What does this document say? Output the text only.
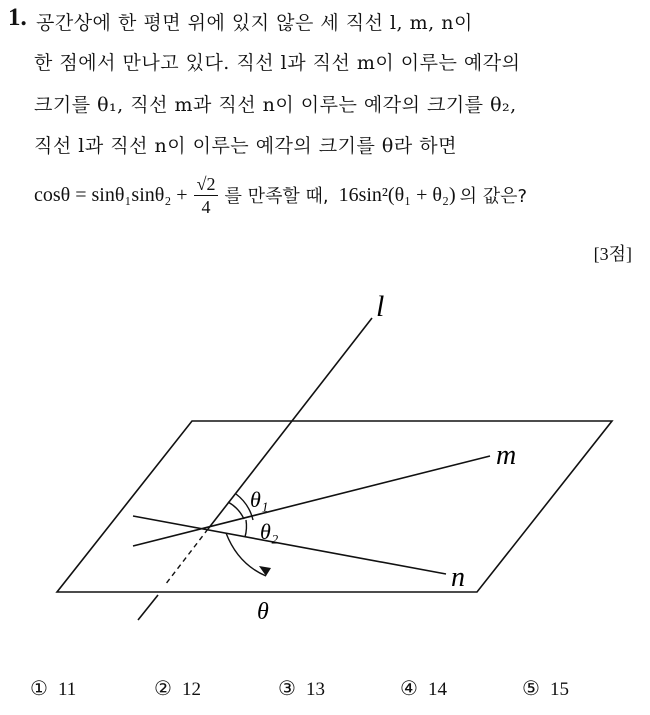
1. 공간상에 한 평면 위에 있지 않은 세 직선 l, m, n이
한 점에서 만나고 있다. 직선 l과 직선 m이 이루는 예각의
크기를 θ₁, 직선 m과 직선 n이 이루는 예각의 크기를 θ₂,
직선 l과 직선 n이 이루는 예각의 크기를 θ라 하면
$\cos\theta = \sin\theta_1\sin\theta_2 + \frac{√2}{4}$ 를 만족할 때, 16sin²(θ₁ + θ₂) 의 값은?
[3점]
l
m
n
θ₁
θ₂
θ
① 11	② 12	③ 13	④ 14	⑤ 15
